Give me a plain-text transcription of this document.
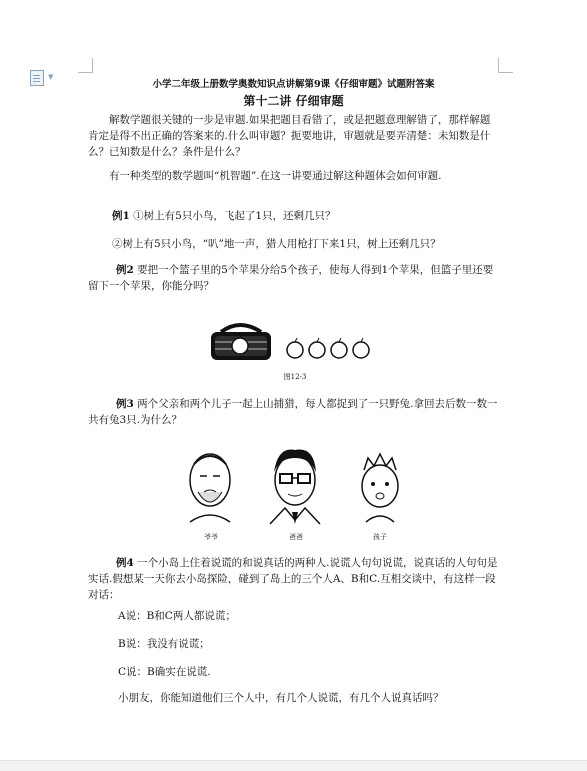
▼
小学二年级上册数学奥数知识点讲解第9课《仔细审题》试题附答案
第十二讲 仔细审题
解数学题很关键的一步是审题.如果把题目看错了，或是把题意理解错了，那样解题肯定是得不出正确的答案来的.什么叫审题？扼要地讲，审题就是要弄清楚：未知数是什么？已知数是什么？条件是什么？
有一种类型的数学题叫“机智题”.在这一讲要通过解这种题体会如何审题.
例1 ①树上有5只小鸟，飞起了1只，还剩几只？
②树上有5只小鸟，“叭”地一声，猎人用枪打下来1只，树上还剩几只？
例2 要把一个篮子里的5个苹果分给5个孩子，使每人得到1个苹果，但篮子里还要留下一个苹果，你能分吗？
图12-3
例3 两个父亲和两个儿子一起上山捕猎，每人都捉到了一只野兔.拿回去后数一数一共有兔3只.为什么？
爷爷	爸爸	孩子
例4 一个小岛上住着说谎的和说真话的两种人.说谎人句句说谎，说真话的人句句是实话.假想某一天你去小岛探险，碰到了岛上的三个人A、B和C.互相交谈中，有这样一段对话：
A说：B和C两人都说谎；
B说：我没有说谎；
C说：B确实在说谎.
小朋友，你能知道他们三个人中，有几个人说谎，有几个人说真话吗？
